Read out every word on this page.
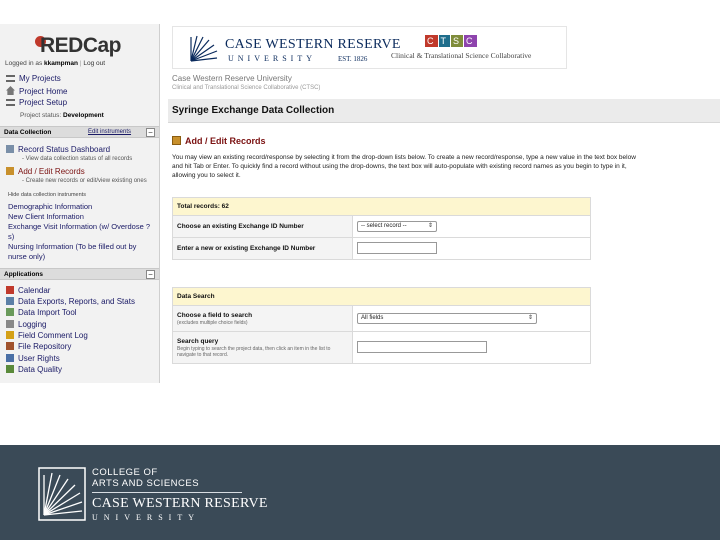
REDCap
Logged in as kkampman | Log out
My Projects
Project Home
Project Setup
Project status: Development
Data Collection	Edit instruments −
Record Status Dashboard
- View data collection status of all records
Add / Edit Records
- Create new records or edit/view existing ones
Hide data collection instruments
Demographic Information
New Client Information
Exchange Visit Information (w/ Overdose ?s)
Nursing Information (To be filled out by nurse only)
Applications	−
Calendar
Data Exports, Reports, and Stats
Data Import Tool
Logging
Field Comment Log
File Repository
User Rights
Data Quality
CASE WESTERN RESERVE
UNIVERSITY	EST. 1826
C T S C
Clinical & Translational Science Collaborative
Case Western Reserve University
Clinical and Translational Science Collaborative (CTSC)
Syringe Exchange Data Collection
Add / Edit Records
You may view an existing record/response by selecting it from the drop-down lists below. To create a new record/response, type a new value in the text box below and hit Tab or Enter. To quickly find a record without using the drop-downs, the text box will auto-populate with existing record names as you begin to type in it, allowing you to select it.
Total records: 62	
Choose an existing Exchange ID Number	-- select record -- ⇕

Enter a new or existing Exchange ID Number	
Data Search	
Choose a field to search
(excludes multiple choice fields)	All fields ⇕

Search query
Begin typing to search the project data, then click an item in the list to navigate to that record.	

COLLEGE OF
ARTS AND SCIENCES
CASE WESTERN RESERVE
UNIVERSITY
